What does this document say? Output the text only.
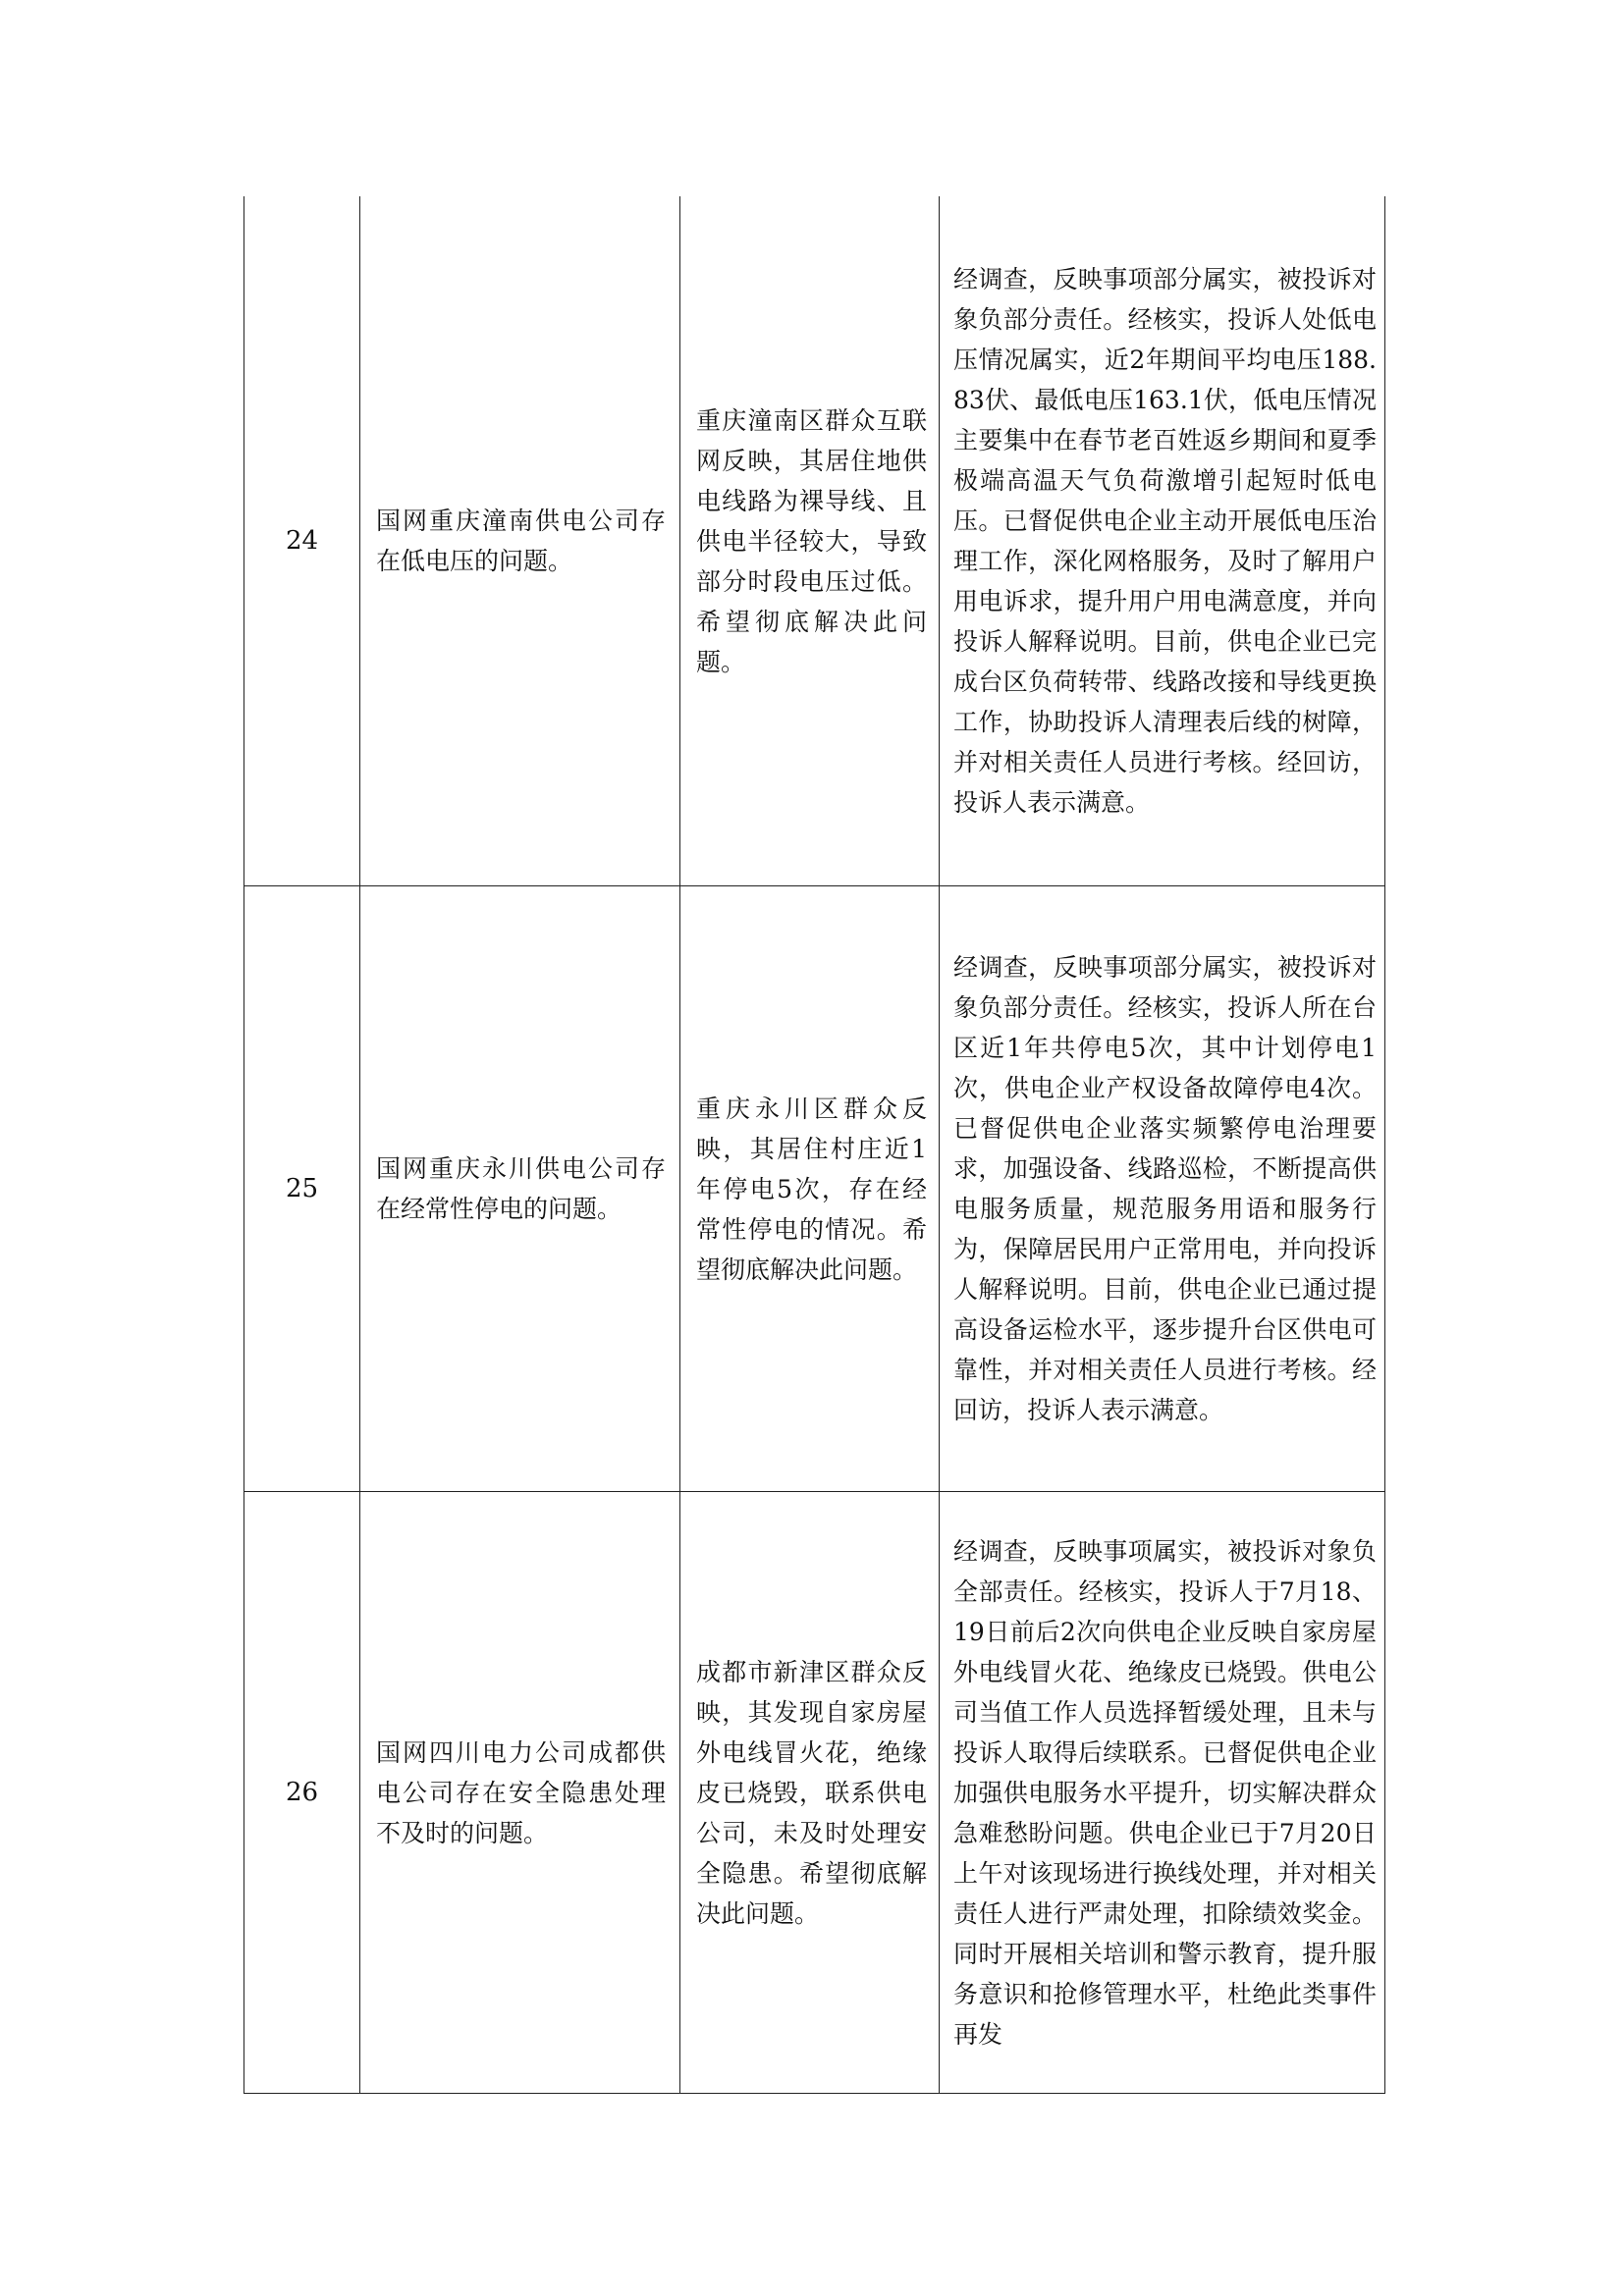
24	国网重庆潼南供电公司存在低电压的问题。	重庆潼南区群众互联网反映，其居住地供电线路为裸导线、且供电半径较大，导致部分时段电压过低。希望彻底解决此问题。	经调查，反映事项部分属实，被投诉对象负部分责任。经核实，投诉人处低电压情况属实，近2年期间平均电压188.83伏、最低电压163.1伏，低电压情况主要集中在春节老百姓返乡期间和夏季极端高温天气负荷激增引起短时低电压。已督促供电企业主动开展低电压治理工作，深化网格服务，及时了解用户用电诉求，提升用户用电满意度，并向投诉人解释说明。目前，供电企业已完成台区负荷转带、线路改接和导线更换工作，协助投诉人清理表后线的树障，并对相关责任人员进行考核。经回访，投诉人表示满意。

25	国网重庆永川供电公司存在经常性停电的问题。	重庆永川区群众反映，其居住村庄近1年停电5次，存在经常性停电的情况。希望彻底解决此问题。	经调查，反映事项部分属实，被投诉对象负部分责任。经核实，投诉人所在台区近1年共停电5次，其中计划停电1次，供电企业产权设备故障停电4次。已督促供电企业落实频繁停电治理要求，加强设备、线路巡检，不断提高供电服务质量，规范服务用语和服务行为，保障居民用户正常用电，并向投诉人解释说明。目前，供电企业已通过提高设备运检水平，逐步提升台区供电可靠性，并对相关责任人员进行考核。经回访，投诉人表示满意。

26	国网四川电力公司成都供电公司存在安全隐患处理不及时的问题。	成都市新津区群众反映，其发现自家房屋外电线冒火花，绝缘皮已烧毁，联系供电公司，未及时处理安全隐患。希望彻底解决此问题。	经调查，反映事项属实，被投诉对象负全部责任。经核实，投诉人于7月18、19日前后2次向供电企业反映自家房屋外电线冒火花、绝缘皮已烧毁。供电公司当值工作人员选择暂缓处理，且未与投诉人取得后续联系。已督促供电企业加强供电服务水平提升，切实解决群众急难愁盼问题。供电企业已于7月20日上午对该现场进行换线处理，并对相关责任人进行严肃处理，扣除绩效奖金。同时开展相关培训和警示教育，提升服务意识和抢修管理水平，杜绝此类事件再发
